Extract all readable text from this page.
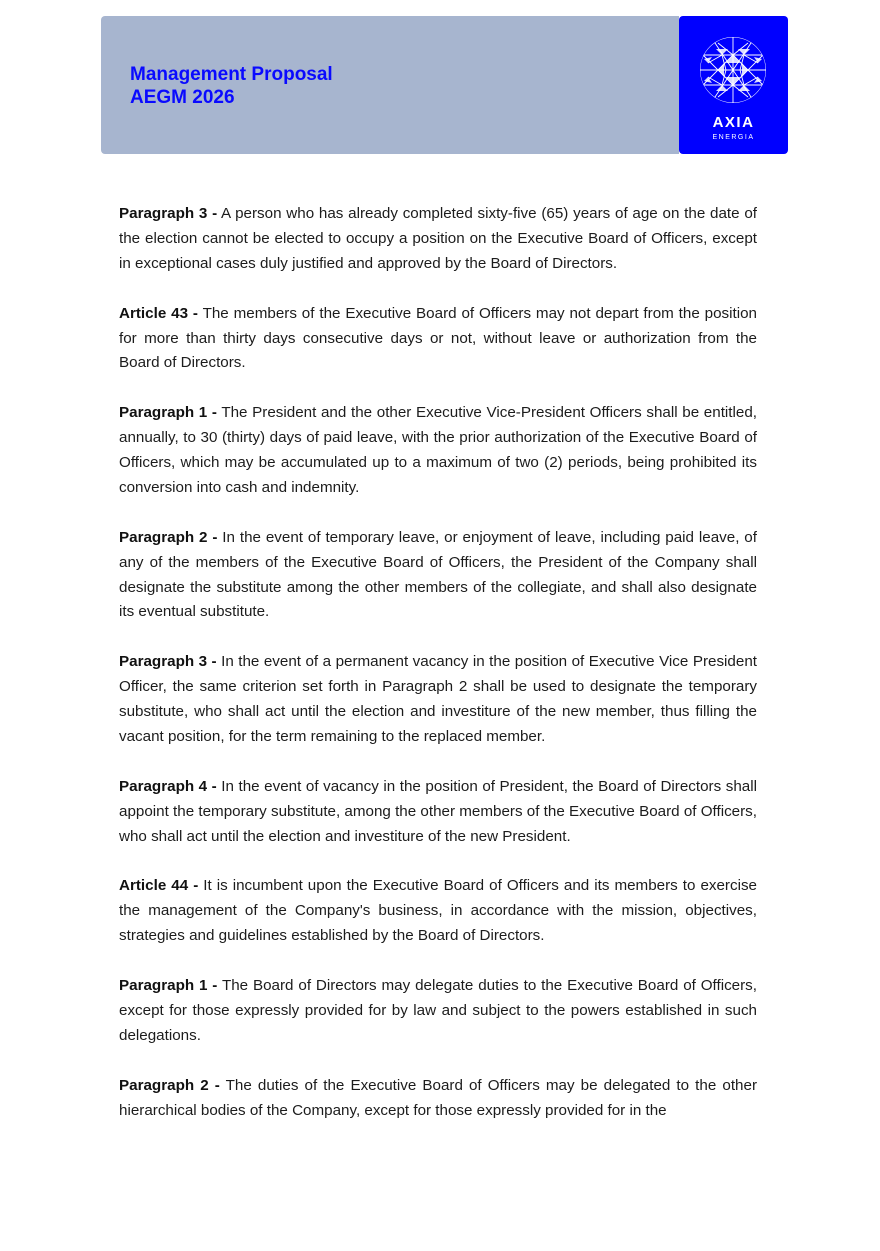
Management Proposal
AEGM 2026
AXIA
ENERGIA

Paragraph 3 - A person who has already completed sixty-five (65) years of age on the date of the election cannot be elected to occupy a position on the Executive Board of Officers, except in exceptional cases duly justified and approved by the Board of Directors.

Article 43 - The members of the Executive Board of Officers may not depart from the position for more than thirty days consecutive days or not, without leave or authorization from the Board of Directors.

Paragraph 1 - The President and the other Executive Vice-President Officers shall be entitled, annually, to 30 (thirty) days of paid leave, with the prior authorization of the Executive Board of Officers, which may be accumulated up to a maximum of two (2) periods, being prohibited its conversion into cash and indemnity.

Paragraph 2 - In the event of temporary leave, or enjoyment of leave, including paid leave, of any of the members of the Executive Board of Officers, the President of the Company shall designate the substitute among the other members of the collegiate, and shall also designate its eventual substitute.

Paragraph 3 - In the event of a permanent vacancy in the position of Executive Vice President Officer, the same criterion set forth in Paragraph 2 shall be used to designate the temporary substitute, who shall act until the election and investiture of the new member, thus filling the vacant position, for the term remaining to the replaced member.

Paragraph 4 - In the event of vacancy in the position of President, the Board of Directors shall appoint the temporary substitute, among the other members of the Executive Board of Officers, who shall act until the election and investiture of the new President.

Article 44 - It is incumbent upon the Executive Board of Officers and its members to exercise the management of the Company's business, in accordance with the mission, objectives, strategies and guidelines established by the Board of Directors.

Paragraph 1 - The Board of Directors may delegate duties to the Executive Board of Officers, except for those expressly provided for by law and subject to the powers established in such delegations.

Paragraph 2 - The duties of the Executive Board of Officers may be delegated to the other hierarchical bodies of the Company, except for those expressly provided for in the
